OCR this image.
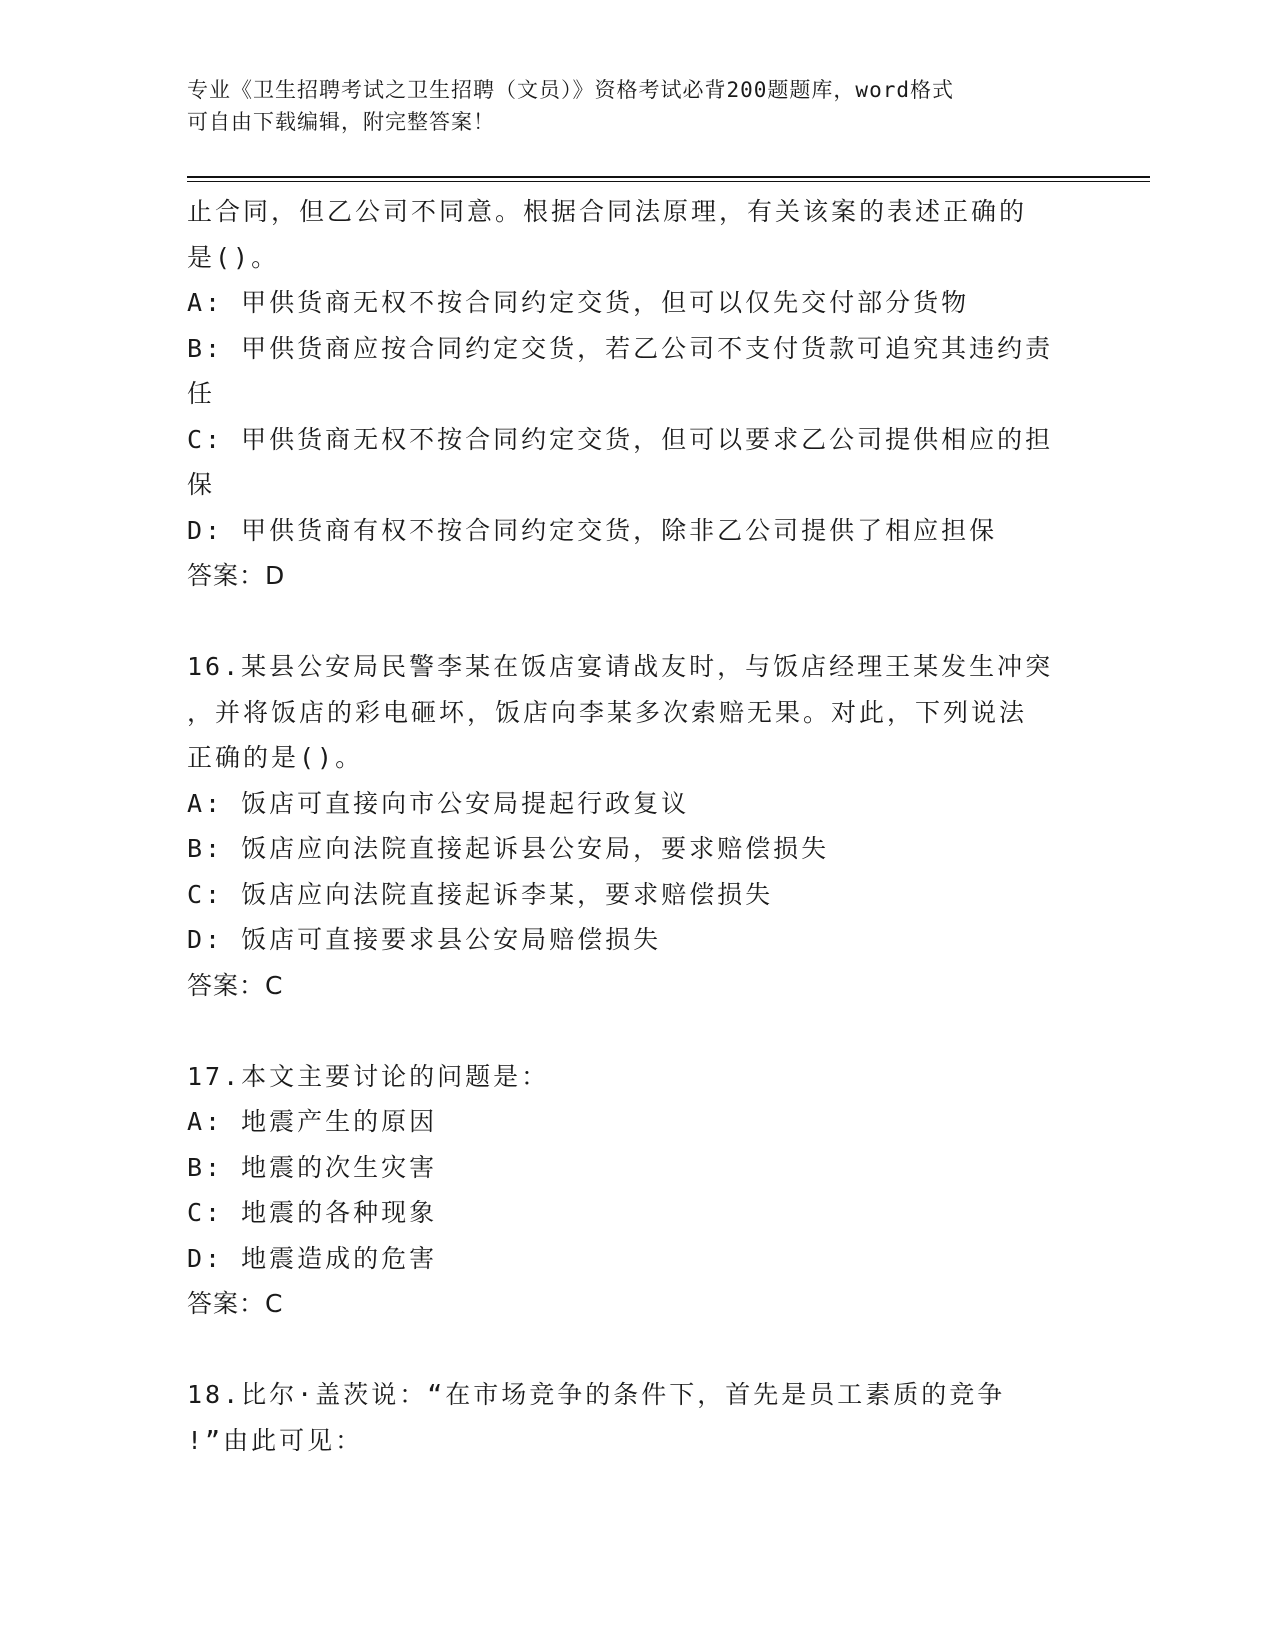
专业《卫生招聘考试之卫生招聘（文员）》资格考试必背200题题库，word格式
可自由下载编辑，附完整答案！
止合同，但乙公司不同意。根据合同法原理，有关该案的表述正确的
是()。
A: 甲供货商无权不按合同约定交货，但可以仅先交付部分货物
B: 甲供货商应按合同约定交货，若乙公司不支付货款可追究其违约责
任
C: 甲供货商无权不按合同约定交货，但可以要求乙公司提供相应的担
保
D: 甲供货商有权不按合同约定交货，除非乙公司提供了相应担保
答案：D
16.某县公安局民警李某在饭店宴请战友时，与饭店经理王某发生冲突
，并将饭店的彩电砸坏，饭店向李某多次索赔无果。对此，下列说法
正确的是()。
A: 饭店可直接向市公安局提起行政复议
B: 饭店应向法院直接起诉县公安局，要求赔偿损失
C: 饭店应向法院直接起诉李某，要求赔偿损失
D: 饭店可直接要求县公安局赔偿损失
答案：C
17.本文主要讨论的问题是：
A: 地震产生的原因
B: 地震的次生灾害
C: 地震的各种现象
D: 地震造成的危害
答案：C
18.比尔·盖茨说：“在市场竞争的条件下，首先是员工素质的竞争
!”由此可见：
